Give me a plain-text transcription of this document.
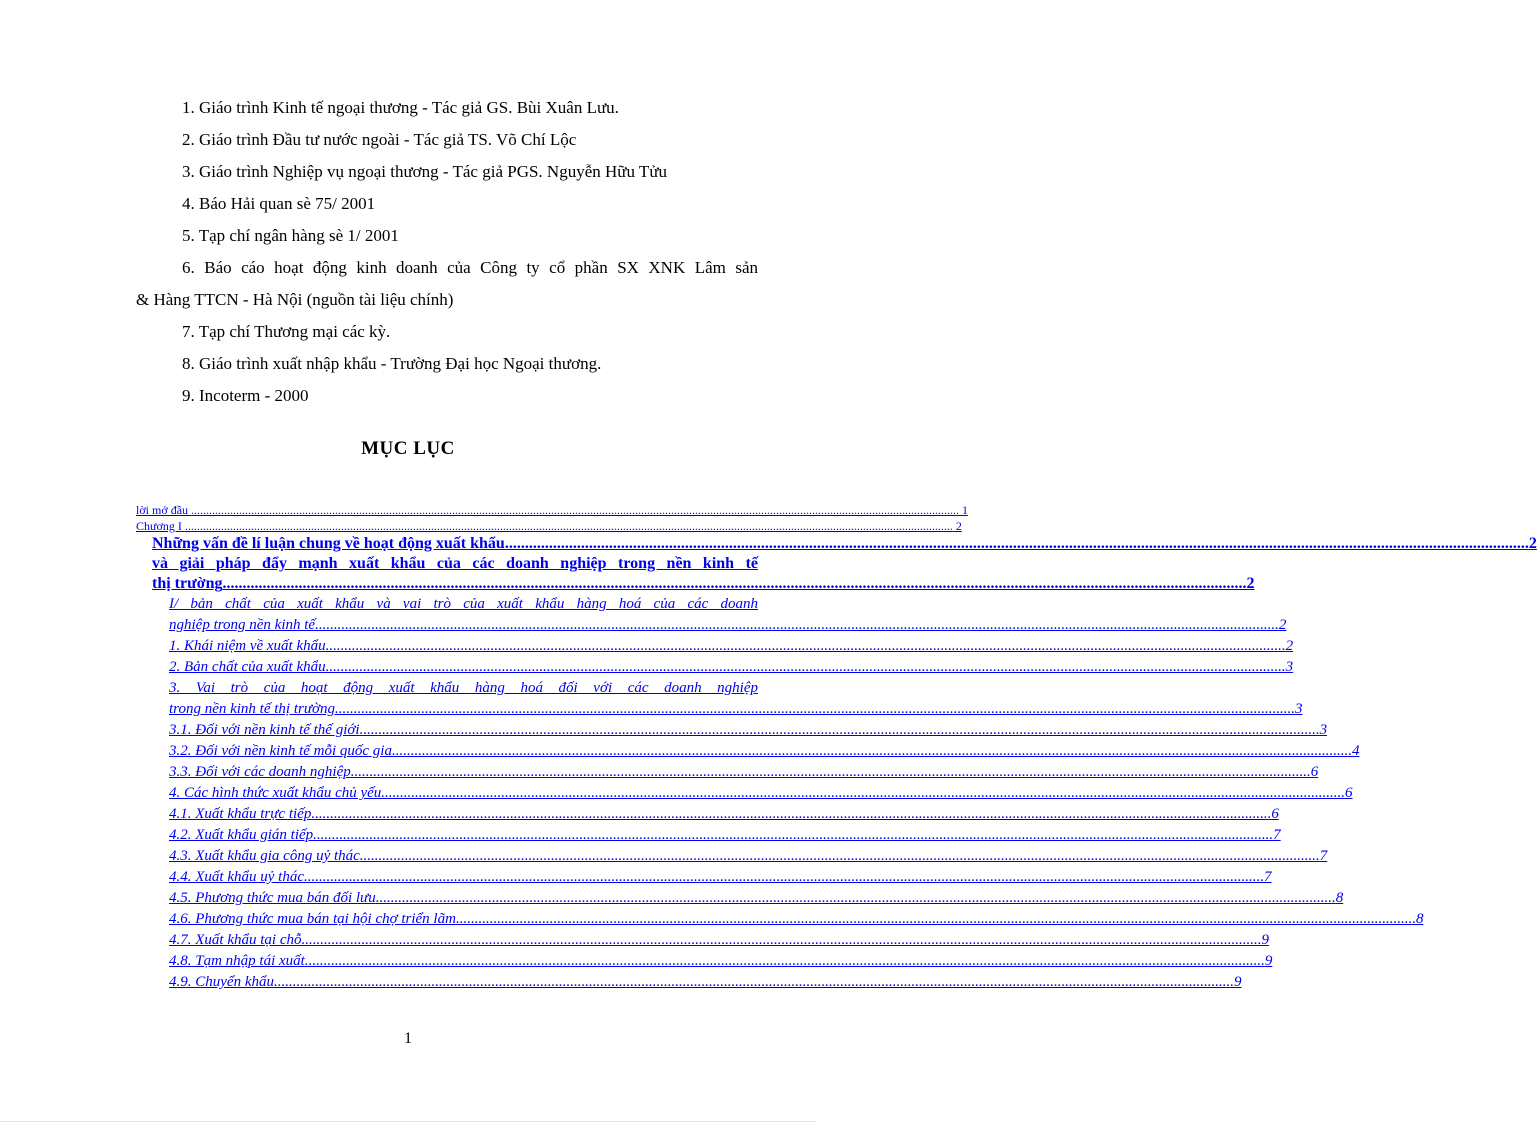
1. Giáo trình Kinh tế ngoại thương - Tác giả GS. Bùi Xuân Lưu.
2. Giáo trình Đầu tư nước ngoài - Tác giả TS. Võ Chí Lộc
3. Giáo trình Nghiệp vụ ngoại thương - Tác giả PGS. Nguyễn Hữu Tửu
4. Báo Hải quan sè 75/ 2001
5. Tạp chí ngân hàng sè 1/ 2001
6. Báo cáo hoạt động kinh doanh của Công ty cổ phần SX XNK Lâm sản
& Hàng TTCN - Hà Nội (nguồn tài liệu chính)
7. Tạp chí Thương mại các kỳ.
8. Giáo trình xuất nhập khẩu - Trường Đại học Ngoại thương.
9. Incoterm - 2000
MỤC LỤC
lời mở đầu .....	1
Chương I .....	2
Những vấn đề lí luận chung về hoạt động xuất khẩu .....	2
và giải pháp đẩy mạnh xuất khẩu của các doanh nghiệp trong nền kinh tế
thị trường .....	2
I/ bản chất của xuất khẩu và vai trò của xuất khẩu hàng hoá của các doanh
nghiệp trong nền kinh tế. .....	2
1. Khái niệm về xuất khẩu .....	2
2. Bản chất của xuất khẩu .....	3
3. Vai trò của hoạt động xuất khẩu hàng hoá đối với các doanh nghiệp
trong nền kinh tế thị trường .....	3
3.1. Đối với nền kinh tế thế giới .....	3
3.2. Đối với nền kinh tế mỗi quốc gia .....	4
3.3. Đối với các doanh nghiệp .....	6
4. Các hình thức xuất khẩu chủ yếu. .....	6
4.1. Xuất khẩu trực tiếp .....	6
4.2. Xuất khẩu gián tiếp .....	7
4.3. Xuất khẩu gia công uỷ thác .....	7
4.4. Xuất khẩu uỷ thác .....	7
4.5. Phương thức mua bán đối lưu .....	8
4.6. Phương thức mua bán tại hội chợ triển lãm .....	8
4.7. Xuất khẩu tại chỗ .....	9
4.8. Tạm nhập tái xuất .....	9
4.9. Chuyển khẩu .....	9
1
